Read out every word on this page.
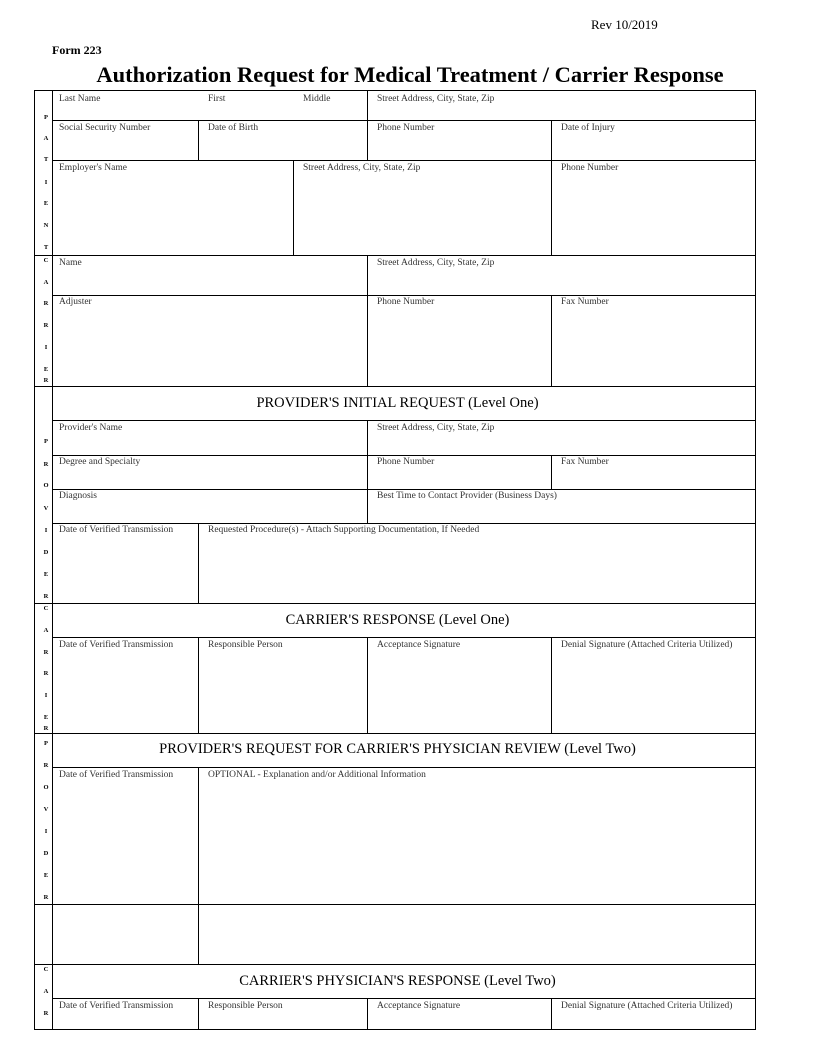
Rev 10/2019
Form 223
Authorization Request for Medical Treatment / Carrier Response
P
A
T
I
E
N
T
C
A
R
R
I
E
R
P
R
O
V
I
D
E
R
C
A
R
R
I
E
R
P
R
O
V
I
D
E
R
C
A
R
Last Name	First	Middle	Street Address, City, State, Zip
Social Security Number	Date of Birth	Phone Number	Date of Injury
Employer's Name	Street Address, City, State, Zip	Phone Number
Name	Street Address, City, State, Zip
Adjuster	Phone Number	Fax Number
PROVIDER'S INITIAL REQUEST (Level One)
Provider's Name	Street Address, City, State, Zip
Degree and Specialty	Phone Number	Fax Number
Diagnosis	Best Time to Contact Provider (Business Days)
Date of Verified Transmission	Requested Procedure(s) - Attach Supporting Documentation, If Needed
CARRIER'S RESPONSE (Level One)
Date of Verified Transmission	Responsible Person	Acceptance Signature	Denial Signature (Attached Criteria Utilized)
PROVIDER'S REQUEST FOR CARRIER'S PHYSICIAN REVIEW (Level Two)
Date of Verified Transmission	OPTIONAL - Explanation and/or Additional Information
CARRIER'S PHYSICIAN'S RESPONSE (Level Two)
Date of Verified Transmission	Responsible Person	Acceptance Signature	Denial Signature (Attached Criteria Utilized)
